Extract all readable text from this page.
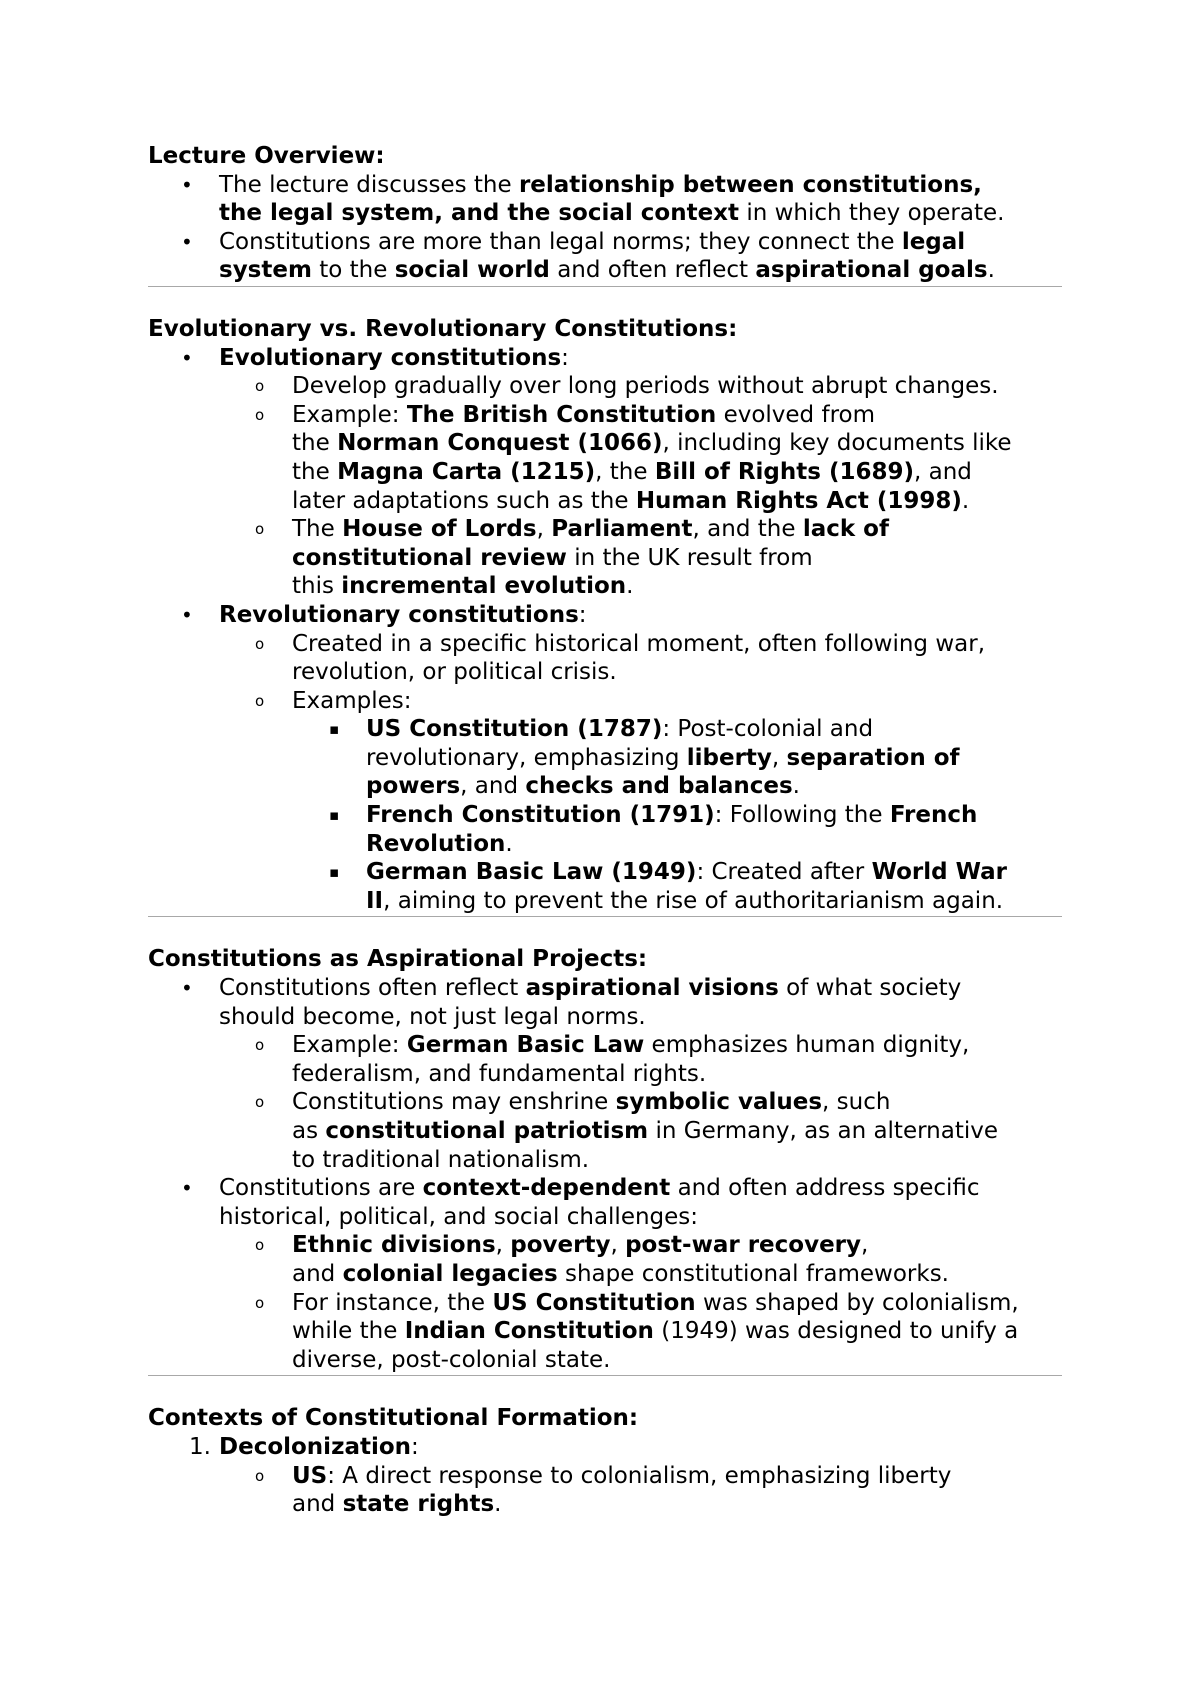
Lecture Overview:
• The lecture discusses the relationship between constitutions,
the legal system, and the social context in which they operate.
• Constitutions are more than legal norms; they connect the legal
system to the social world and often reflect aspirational goals.
Evolutionary vs. Revolutionary Constitutions:
• Evolutionary constitutions:
o Develop gradually over long periods without abrupt changes.
o Example: The British Constitution evolved from
the Norman Conquest (1066), including key documents like
the Magna Carta (1215), the Bill of Rights (1689), and
later adaptations such as the Human Rights Act (1998).
o The House of Lords, Parliament, and the lack of
constitutional review in the UK result from
this incremental evolution.
• Revolutionary constitutions:
o Created in a specific historical moment, often following war,
revolution, or political crisis.
o Examples:
▪ US Constitution (1787): Post-colonial and
revolutionary, emphasizing liberty, separation of
powers, and checks and balances.
▪ French Constitution (1791): Following the French
Revolution.
▪ German Basic Law (1949): Created after World War
II, aiming to prevent the rise of authoritarianism again.
Constitutions as Aspirational Projects:
• Constitutions often reflect aspirational visions of what society
should become, not just legal norms.
o Example: German Basic Law emphasizes human dignity,
federalism, and fundamental rights.
o Constitutions may enshrine symbolic values, such
as constitutional patriotism in Germany, as an alternative
to traditional nationalism.
• Constitutions are context-dependent and often address specific
historical, political, and social challenges:
o Ethnic divisions, poverty, post-war recovery,
and colonial legacies shape constitutional frameworks.
o For instance, the US Constitution was shaped by colonialism,
while the Indian Constitution (1949) was designed to unify a
diverse, post-colonial state.
Contexts of Constitutional Formation:
1. Decolonization:
o US: A direct response to colonialism, emphasizing liberty
and state rights.
